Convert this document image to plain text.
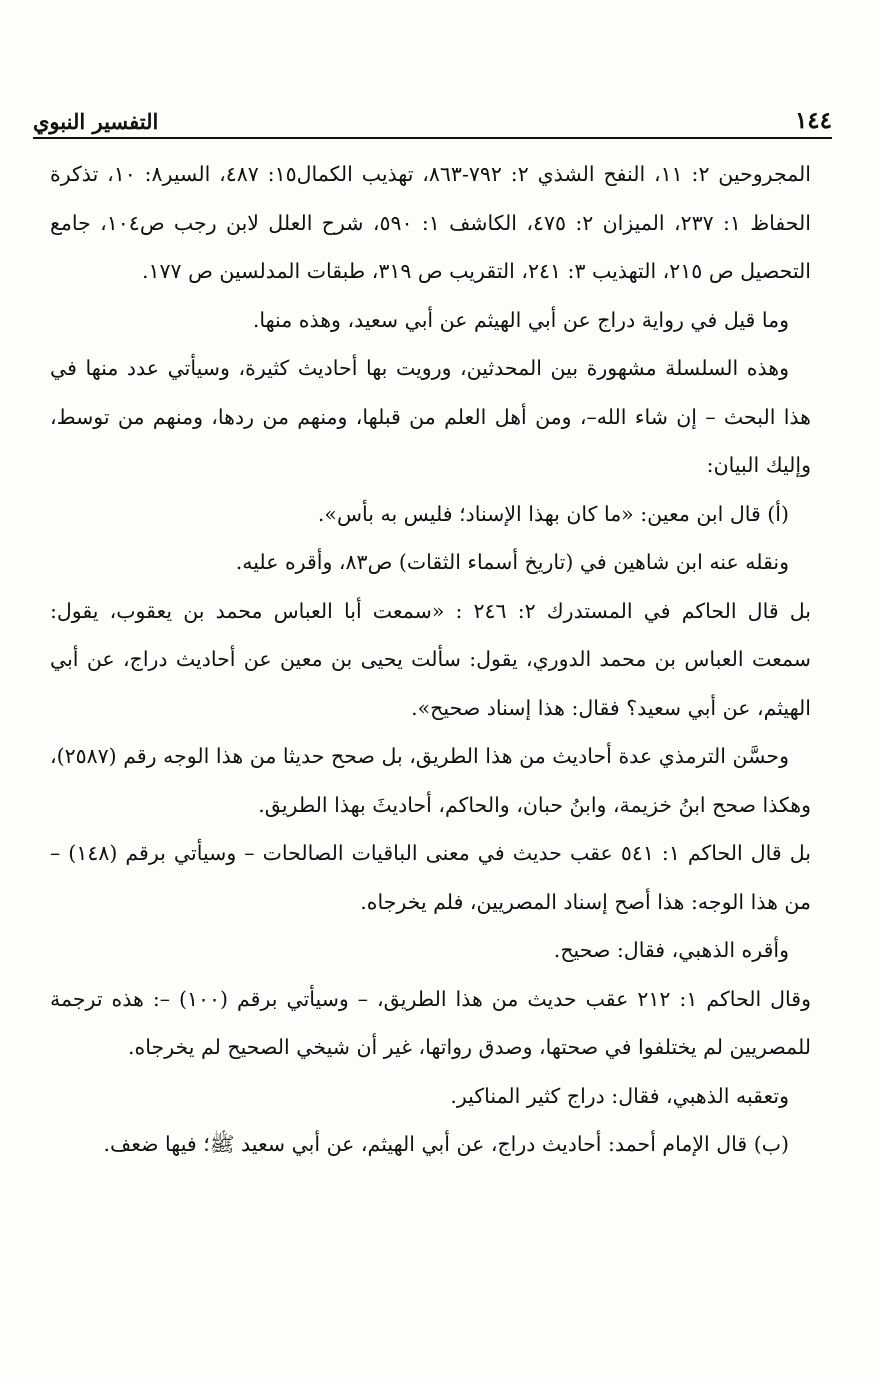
١٤٤
التفسير النبوي

المجروحين ٢: ١١، النفح الشذي ٢: ٧٩٢-٨٦٣، تهذيب الكمال١٥: ٤٨٧، السير٨: ١٠، تذكرة الحفاظ ١: ٢٣٧، الميزان ٢: ٤٧٥، الكاشف ١: ٥٩٠، شرح العلل لابن رجب ص١٠٤، جامع التحصيل ص ٢١٥، التهذيب ٣: ٢٤١، التقريب ص ٣١٩، طبقات المدلسين ص ١٧٧.

وما قيل في رواية دراج عن أبي الهيثم عن أبي سعيد، وهذه منها.

وهذه السلسلة مشهورة بين المحدثين، ورويت بها أحاديث كثيرة، وسيأتي عدد منها في هذا البحث – إن شاء الله–، ومن أهل العلم من قبلها، ومنهم من ردها، ومنهم من توسط، وإليك البيان:

(أ) قال ابن معين: «ما كان بهذا الإسناد؛ فليس به بأس».

ونقله عنه ابن شاهين في (تاريخ أسماء الثقات) ص٨٣، وأقره عليه.

بل قال الحاكم في المستدرك ٢: ٢٤٦ : «سمعت أبا العباس محمد بن يعقوب، يقول: سمعت العباس بن محمد الدوري، يقول: سألت يحيى بن معين عن أحاديث دراج، عن أبي الهيثم، عن أبي سعيد؟ فقال: هذا إسناد صحيح».

وحسَّن الترمذي عدة أحاديث من هذا الطريق، بل صحح حديثا من هذا الوجه رقم (٢٥٨٧)، وهكذا صحح ابنُ خزيمة، وابنُ حبان، والحاكم، أحاديثَ بهذا الطريق.

بل قال الحاكم ١: ٥٤١ عقب حديث في معنى الباقيات الصالحات – وسيأتي برقم (١٤٨) – من هذا الوجه: هذا أصح إسناد المصريين، فلم يخرجاه.

وأقره الذهبي، فقال: صحيح.

وقال الحاكم ١: ٢١٢ عقب حديث من هذا الطريق، – وسيأتي برقم (١٠٠) –: هذه ترجمة للمصريين لم يختلفوا في صحتها، وصدق رواتها، غير أن شيخي الصحيح لم يخرجاه.

وتعقبه الذهبي، فقال: دراج كثير المناكير.

(ب) قال الإمام أحمد: أحاديث دراج، عن أبي الهيثم، عن أبي سعيد ﷺ؛ فيها ضعف.
